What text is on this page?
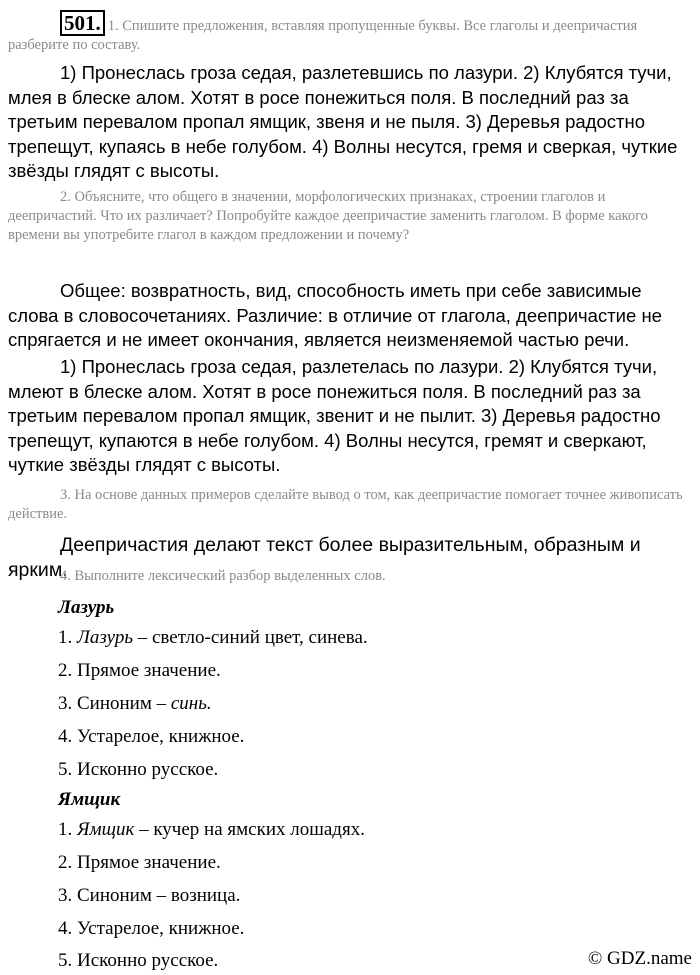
501. 1. Спишите предложения, вставляя пропущенные буквы. Все глаголы и деепричастия разберите по составу.
1) Пронеслась гроза седая, разлетевшись по лазури. 2) Клубятся тучи, млея в блеске алом. Хотят в росе понежиться поля. В последний раз за третьим перевалом пропал ямщик, звеня и не пыля. 3) Деревья радостно трепещут, купаясь в небе голубом. 4) Волны несутся, гремя и сверкая, чуткие звёзды глядят с высоты.
2. Объясните, что общего в значении, морфологических признаках, строении глаголов и деепричастий. Что их различает? Попробуйте каждое деепричастие заменить глаголом. В форме какого времени вы употребите глагол в каждом предложении и почему?
Общее: возвратность, вид, способность иметь при себе зависимые слова в словосочетаниях. Различие: в отличие от глагола, деепричастие не спрягается и не имеет окончания, является неизменяемой частью речи.
1) Пронеслась гроза седая, разлетелась по лазури. 2) Клубятся тучи, млеют в блеске алом. Хотят в росе понежиться поля. В последний раз за третьим перевалом пропал ямщик, звенит и не пылит. 3) Деревья радостно трепещут, купаются в небе голубом. 4) Волны несутся, гремят и сверкают, чуткие звёзды глядят с высоты.
3. На основе данных примеров сделайте вывод о том, как деепричастие помогает точнее живописать действие.
Деепричастия делают текст более выразительным, образным и ярким.
4. Выполните лексический разбор выделенных слов.
Лазурь
1. Лазурь – светло-синий цвет, синева.
2. Прямое значение.
3. Синоним – синь.
4. Устарелое, книжное.
5. Исконно русское.
Ямщик
1. Ямщик – кучер на ямских лошадях.
2. Прямое значение.
3. Синоним – возница.
4. Устарелое, книжное.
5. Исконно русское.	© GDZ.name
